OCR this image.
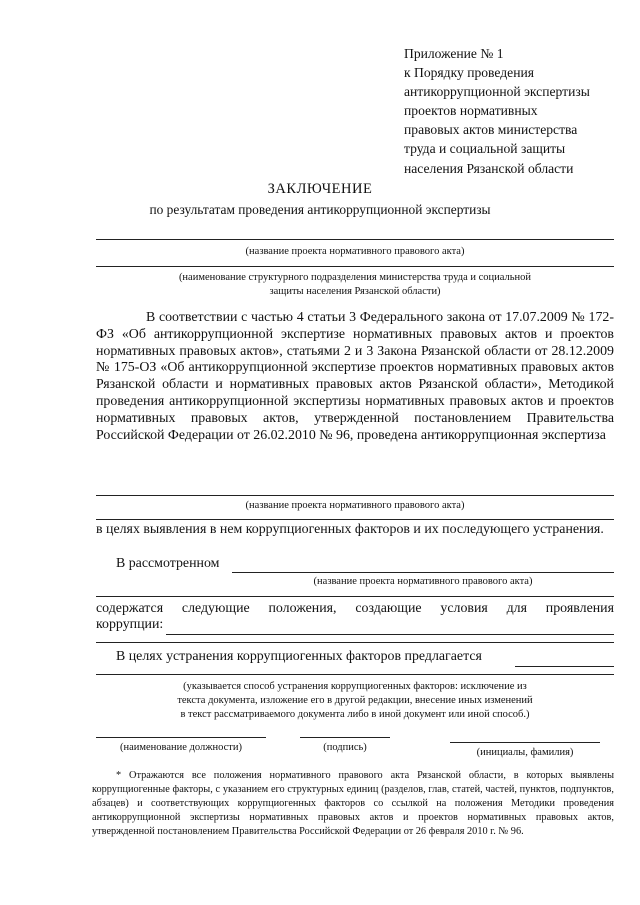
Приложение № 1
к Порядку проведения
антикоррупционной экспертизы
проектов нормативных
правовых актов министерства
труда и социальной защиты
населения Рязанской области
ЗАКЛЮЧЕНИЕ
по результатам проведения антикоррупционной экспертизы
(название проекта нормативного правового акта)
(наименование структурного подразделения министерства труда и социальной
защиты населения Рязанской области)

В соответствии с частью 4 статьи 3 Федерального закона от 17.07.2009 № 172-ФЗ «Об антикоррупционной экспертизе нормативных правовых актов и проектов нормативных правовых актов», статьями 2 и 3 Закона Рязанской области от 28.12.2009 № 175-ОЗ «Об антикоррупционной экспертизе проектов нормативных правовых актов Рязанской области и нормативных правовых актов Рязанской области», Методикой проведения антикоррупционной экспертизы нормативных правовых актов и проектов нормативных правовых актов, утвержденной постановлением Правительства Российской Федерации от 26.02.2010 № 96, проведена антикоррупционная экспертиза

(название проекта нормативного правового акта)

в целях выявления в нем коррупциогенных факторов и их последующего устранения.

В рассмотренном
(название проекта нормативного правового акта)
содержатся следующие положения, создающие условия для проявления
коррупции:
В целях устранения коррупциогенных факторов предлагается
(указывается способ устранения коррупциогенных факторов: исключение из
текста документа, изложение его в другой редакции, внесение иных изменений
в текст рассматриваемого документа либо в иной документ или иной способ.)
(наименование должности)	(подпись)	(инициалы, фамилия)

* Отражаются все положения нормативного правового акта Рязанской области, в которых выявлены коррупциогенные факторы, с указанием его структурных единиц (разделов, глав, статей, частей, пунктов, подпунктов, абзацев) и соответствующих коррупциогенных факторов со ссылкой на положения Методики проведения антикоррупционной экспертизы нормативных правовых актов и проектов нормативных правовых актов, утвержденной постановлением Правительства Российской Федерации от 26 февраля 2010 г. № 96.
